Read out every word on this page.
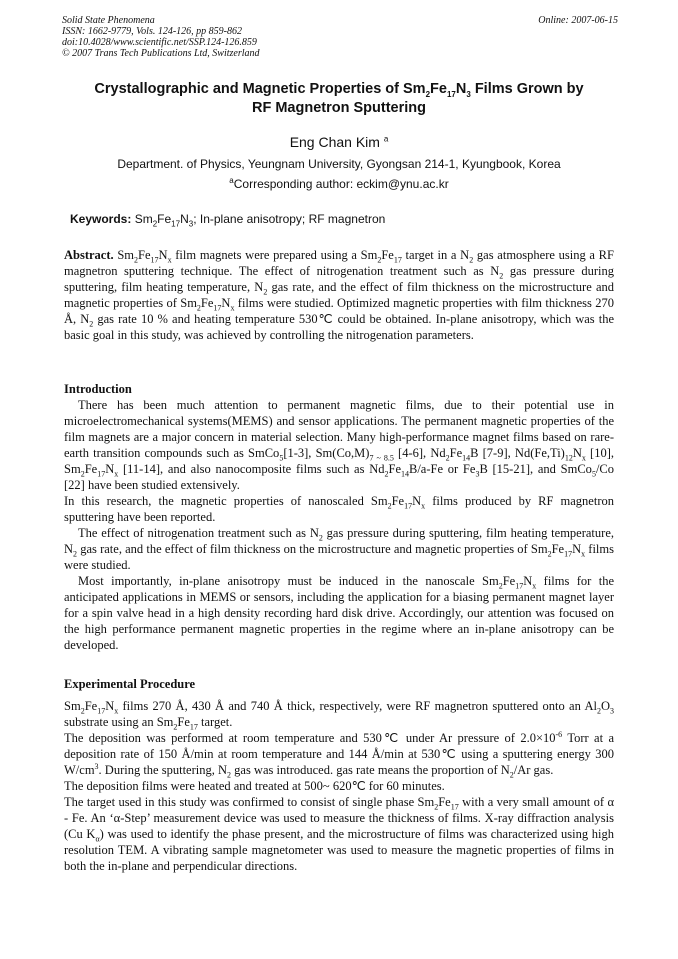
Solid State Phenomena
ISSN: 1662-9779, Vols. 124-126, pp 859-862
doi:10.4028/www.scientific.net/SSP.124-126.859
© 2007 Trans Tech Publications Ltd, Switzerland
Online: 2007-06-15
Crystallographic and Magnetic Properties of $Sm_2Fe_{17}N_3$ Films Grown by
RF Magnetron Sputtering
Eng Chan Kim $^a$
Department. of Physics, Yeungnam University, Gyongsan 214-1, Kyungbook, Korea
$^a$Corresponding author: eckim@ynu.ac.kr
Keywords: $Sm_2Fe_{17}N_3$; In-plane anisotropy; RF magnetron

Abstract. $Sm_2Fe_{17}N_x$ film magnets were prepared using a $Sm_2Fe_{17}$ target in a $N_2$ gas atmosphere using a RF magnetron sputtering technique. The effect of nitrogenation treatment such as $N_2$ gas pressure during sputtering, film heating temperature, $N_2$ gas rate, and the effect of film thickness on the microstructure and magnetic properties of $Sm_2Fe_{17}N_x$ films were studied. Optimized magnetic properties with film thickness 270 Å, $N_2$ gas rate 10 % and heating temperature 530℃ could be obtained. In-plane anisotropy, which was the basic goal in this study, was achieved by controlling the nitrogenation parameters.

Introduction

There has been much attention to permanent magnetic films, due to their potential use in microelectromechanical systems(MEMS) and sensor applications. The permanent magnetic properties of the film magnets are a major concern in material selection. Many high-performance magnet films based on rare-earth transition compounds such as SmCo$_5$[1-3], $Sm(Co,M)_{7 \sim 8.5}$ [4-6], $Nd_2Fe_{14}B$ [7-9], $Nd(Fe,Ti)_{12}N_x$ [10], $Sm_2Fe_{17}N_x$ [11-14], and also nanocomposite films such as $Nd_2Fe_{14}B/a-Fe$ or $Fe_3B$ [15-21], and SmCo$_5$/Co [22] have been studied extensively.

In this research, the magnetic properties of nanoscaled $Sm_2Fe_{17}N_x$ films produced by RF magnetron sputtering have been reported.

The effect of nitrogenation treatment such as $N_2$ gas pressure during sputtering, film heating temperature, $N_2$ gas rate, and the effect of film thickness on the microstructure and magnetic properties of $Sm_2Fe_{17}N_x$ films were studied.

Most importantly, in-plane anisotropy must be induced in the nanoscale $Sm_2Fe_{17}N_x$ films for the anticipated applications in MEMS or sensors, including the application for a biasing permanent magnet layer for a spin valve head in a high density recording hard disk drive. Accordingly, our attention was focused on the high performance permanent magnetic properties in the regime where an in-plane anisotropy can be developed.

Experimental Procedure

$Sm_2Fe_{17}N_x$ films 270 Å, 430 Å and 740 Å thick, respectively, were RF magnetron sputtered onto an $Al_2O_3$ substrate using an $Sm_2Fe_{17}$ target.

The deposition was performed at room temperature and 530℃ under Ar pressure of $2.0\times 10^{-6}$ Torr at a deposition rate of 150 Å/min at room temperature and 144 Å/min at 530℃ using a sputtering energy 300 $W/cm^3$. During the sputtering, $N_2$ gas was introduced. gas rate means the proportion of $N_2/Ar$ gas.

The deposition films were heated and treated at 500~ 620℃ for 60 minutes.

The target used in this study was confirmed to consist of single phase $Sm_2Fe_{17}$ with a very small amount of α - Fe. An ‘α-Step’ measurement device was used to measure the thickness of films. X-ray diffraction analysis (Cu $K_\alpha$) was used to identify the phase present, and the microstructure of films was characterized using high resolution TEM. A vibrating sample magnetometer was used to measure the magnetic properties of films in both the in-plane and perpendicular directions.
